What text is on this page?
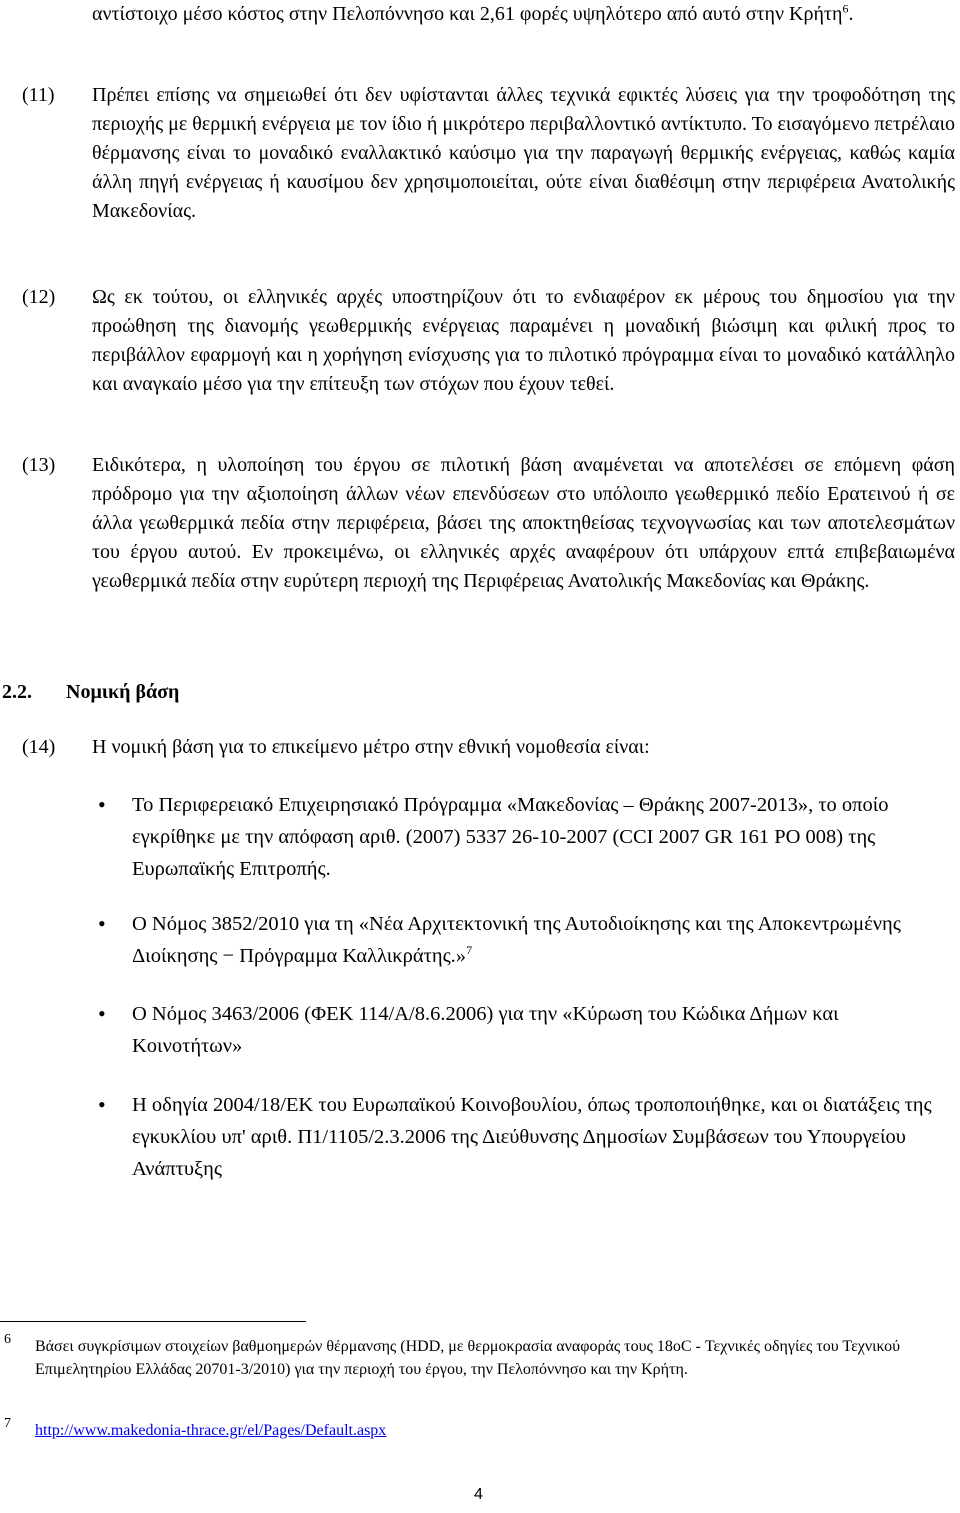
αντίστοιχο μέσο κόστος στην Πελοπόννησο και 2,61 φορές υψηλότερο από αυτό στην Κρήτη$^6$.
(11) Πρέπει επίσης να σημειωθεί ότι δεν υφίστανται άλλες τεχνικά εφικτές λύσεις για την τροφοδότηση της περιοχής με θερμική ενέργεια με τον ίδιο ή μικρότερο περιβαλλοντικό αντίκτυπο. Το εισαγόμενο πετρέλαιο θέρμανσης είναι το μοναδικό εναλλακτικό καύσιμο για την παραγωγή θερμικής ενέργειας, καθώς καμία άλλη πηγή ενέργειας ή καυσίμου δεν χρησιμοποιείται, ούτε είναι διαθέσιμη στην περιφέρεια Ανατολικής Μακεδονίας.
(12) Ως εκ τούτου, οι ελληνικές αρχές υποστηρίζουν ότι το ενδιαφέρον εκ μέρους του δημοσίου για την προώθηση της διανομής γεωθερμικής ενέργειας παραμένει η μοναδική βιώσιμη και φιλική προς το περιβάλλον εφαρμογή και η χορήγηση ενίσχυσης για το πιλοτικό πρόγραμμα είναι το μοναδικό κατάλληλο και αναγκαίο μέσο για την επίτευξη των στόχων που έχουν τεθεί.
(13) Ειδικότερα, η υλοποίηση του έργου σε πιλοτική βάση αναμένεται να αποτελέσει σε επόμενη φάση πρόδρομο για την αξιοποίηση άλλων νέων επενδύσεων στο υπόλοιπο γεωθερμικό πεδίο Ερατεινού ή σε άλλα γεωθερμικά πεδία στην περιφέρεια, βάσει της αποκτηθείσας τεχνογνωσίας και των αποτελεσμάτων του έργου αυτού. Εν προκειμένω, οι ελληνικές αρχές αναφέρουν ότι υπάρχουν επτά επιβεβαιωμένα γεωθερμικά πεδία στην ευρύτερη περιοχή της Περιφέρειας Ανατολικής Μακεδονίας και Θράκης.
2.2. Νομική βάση
(14) Η νομική βάση για το επικείμενο μέτρο στην εθνική νομοθεσία είναι:
• Το Περιφερειακό Επιχειρησιακό Πρόγραμμα «Μακεδονίας – Θράκης 2007-2013», το οποίο εγκρίθηκε με την απόφαση αριθ. (2007) 5337 26-10-2007 (CCI 2007 GR 161 PO 008) της Ευρωπαϊκής Επιτροπής.
• Ο Νόμος 3852/2010 για τη «Νέα Αρχιτεκτονική της Αυτοδιοίκησης και της Αποκεντρωμένης Διοίκησης − Πρόγραμμα Καλλικράτης.»$^7$
• Ο Νόμος 3463/2006 (ΦΕΚ 114/Α/8.6.2006) για την «Κύρωση του Κώδικα Δήμων και Κοινοτήτων»
• Η οδηγία 2004/18/ΕΚ του Ευρωπαϊκού Κοινοβουλίου, όπως τροποποιήθηκε, και οι διατάξεις της εγκυκλίου υπ' αριθ. Π1/1105/2.3.2006 της Διεύθυνσης Δημοσίων Συμβάσεων του Υπουργείου Ανάπτυξης
6 Βάσει συγκρίσιμων στοιχείων βαθμοημερών θέρμανσης (HDD, με θερμοκρασία αναφοράς τους 18oC - Τεχνικές οδηγίες του Τεχνικού Επιμελητηρίου Ελλάδας 20701-3/2010) για την περιοχή του έργου, την Πελοπόννησο και την Κρήτη.
7 http://www.makedonia-thrace.gr/el/Pages/Default.aspx
4
